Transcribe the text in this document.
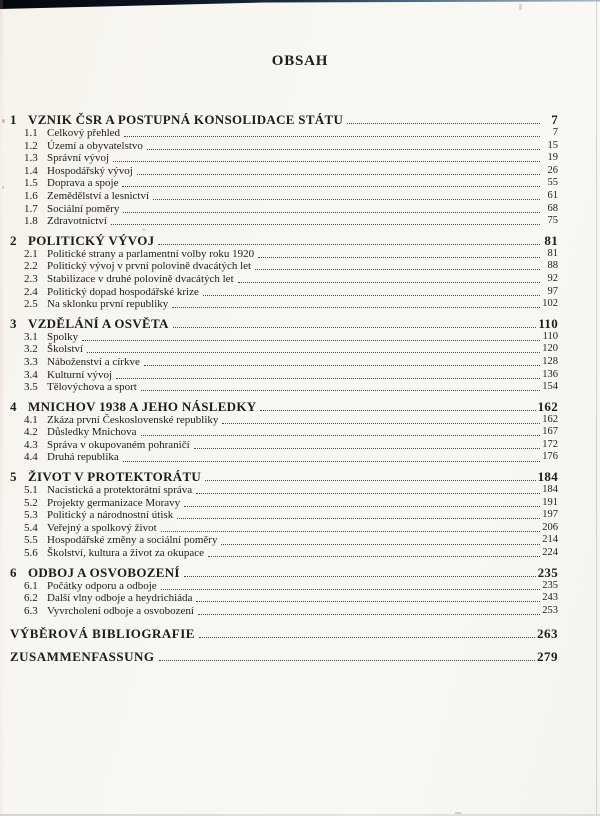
OBSAH
1 VZNIK ČSR A POSTUPNÁ KONSOLIDACE STÁTU	7
1.1 Celkový přehled	7
1.2 Území a obyvatelstvo	15
1.3 Správní vývoj	19
1.4 Hospodářský vývoj	26
1.5 Doprava a spoje	55
1.6 Zemědělství a lesnictví	61
1.7 Sociální poměry	68
1.8 Zdravotnictví	75
2 POLITICKÝ VÝVOJ	81
2.1 Politické strany a parlamentní volby roku 1920	81
2.2 Politický vývoj v první polovině dvacátých let	88
2.3 Stabilizace v druhé polovině dvacátých let	92
2.4 Politický dopad hospodářské krize	97
2.5 Na sklonku první republiky	102
3 VZDĚLÁNÍ A OSVĚTA	110
3.1 Spolky	110
3.2 Školství	120
3.3 Náboženství a církve	128
3.4 Kulturní vývoj	136
3.5 Tělovýchova a sport	154
4 MNICHOV 1938 A JEHO NÁSLEDKY	162
4.1 Zkáza první Československé republiky	162
4.2 Důsledky Mnichova	167
4.3 Správa v okupovaném pohraničí	172
4.4 Druhá republika	176
5 ŽIVOT V PROTEKTORÁTU	184
5.1 Nacistická a protektorátní správa	184
5.2 Projekty germanizace Moravy	191
5.3 Politický a národnostní útisk	197
5.4 Veřejný a spolkový život	206
5.5 Hospodářské změny a sociální poměry	214
5.6 Školství, kultura a život za okupace	224
6 ODBOJ A OSVOBOZENÍ	235
6.1 Počátky odporu a odboje	235
6.2 Další vlny odboje a heydrichiáda	243
6.3 Vyvrcholení odboje a osvobození	253
VÝBĚROVÁ BIBLIOGRAFIE	263
ZUSAMMENFASSUNG	279
